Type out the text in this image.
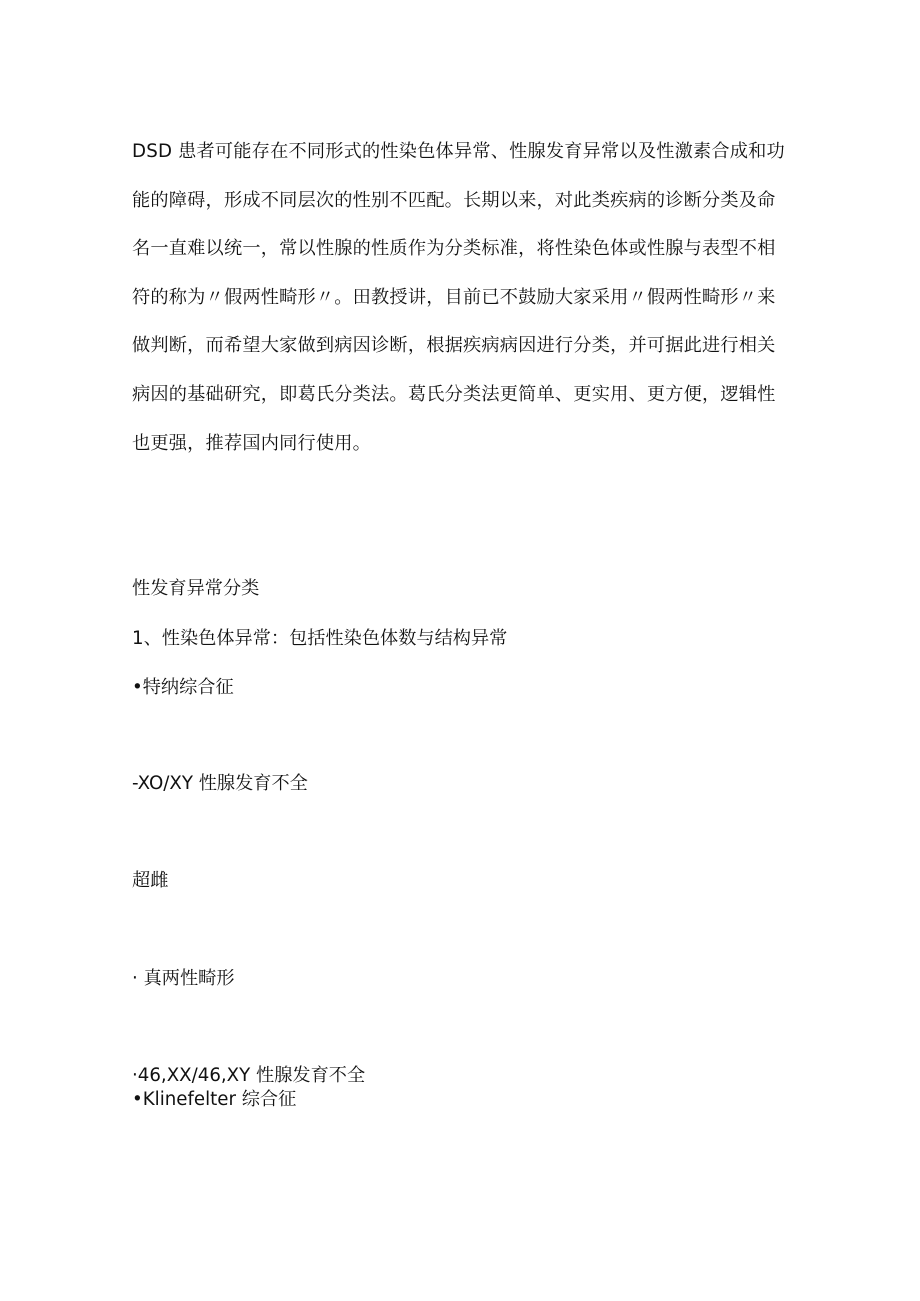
DSD 患者可能存在不同形式的性染色体异常、性腺发育异常以及性激素合成和功
能的障碍，形成不同层次的性别不匹配。长期以来，对此类疾病的诊断分类及命
名一直难以统一，常以性腺的性质作为分类标准，将性染色体或性腺与表型不相
符的称为〃假两性畸形〃。田教授讲，目前已不鼓励大家采用〃假两性畸形〃来
做判断，而希望大家做到病因诊断，根据疾病病因进行分类，并可据此进行相关
病因的基础研究，即葛氏分类法。葛氏分类法更简单、更实用、更方便，逻辑性
也更强，推荐国内同行使用。

性发育异常分类

1、性染色体异常：包括性染色体数与结构异常

•特纳综合征

-XO/XY 性腺发育不全

超雌

· 真两性畸形

·46,XX/46,XY 性腺发育不全

•Klinefelter 综合征
